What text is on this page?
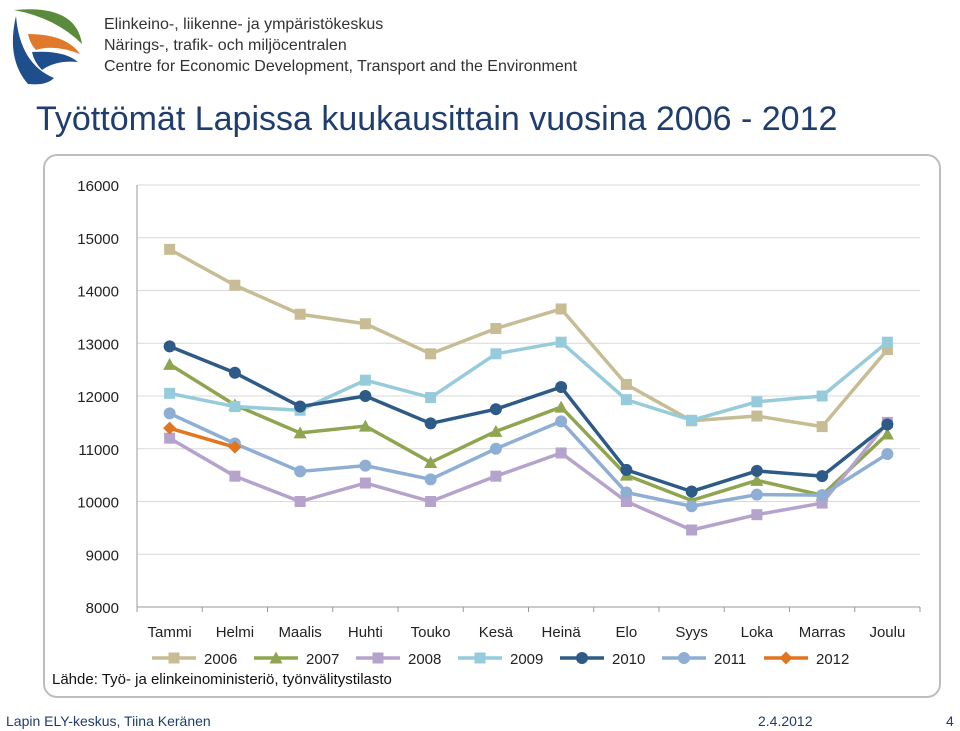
Elinkeino-, liikenne- ja ympäristökeskus
Närings-, trafik- och miljöcentralen
Centre for Economic Development, Transport and the Environment
Työttömät Lapissa kuukausittain vuosina 2006 - 2012
8000
9000
10000
11000
12000
13000
14000
15000
16000
Tammi Helmi Maalis Huhti Touko Kesä Heinä Elo	Syys Loka Marras Joulu
2006	2007	2008	2009	2010	2011	2012
Lähde: Työ- ja elinkeinoministeriö, työnvälitystilasto
Lapin ELY-keskus, Tiina Keränen	2.4.2012	4
